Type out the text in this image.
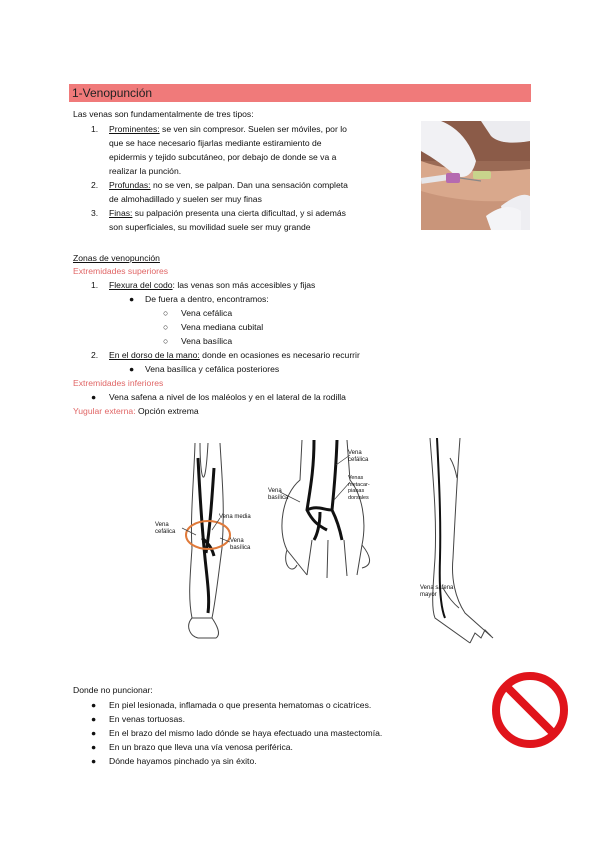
1-Venopunción
Las venas son fundamentalmente de tres tipos:
1. Prominentes: se ven sin compresor. Suelen ser móviles, por lo
que se hace necesario fijarlas mediante estiramiento de
epidermis y tejido subcutáneo, por debajo de donde se va a
realizar la punción.
2. Profundas: no se ven, se palpan. Dan una sensación completa
de almohadillado y suelen ser muy finas
3. Finas: su palpación presenta una cierta dificultad, y si además
son superficiales, su movilidad suele ser muy grande
Zonas de venopunción
Extremidades superiores
1. Flexura del codo: las venas son más accesibles y fijas
● De fuera a dentro, encontramos:
○ Vena cefálica
○ Vena mediana cubital
○ Vena basílica
2. En el dorso de la mano: donde en ocasiones es necesario recurrir
● Vena basílica y cefálica posteriores
Extremidades inferiores
● Vena safena a nivel de los maléolos y en el lateral de la rodilla
Yugular externa: Opción extrema
Vena media
Vena
cefálica
Vena
basílica
Vena
cefálica
Vena
basílica
Venas
metacar-
pianas
dorsales
Vena safena
mayor
Donde no puncionar:
● En piel lesionada, inflamada o que presenta hematomas o cicatrices.
● En venas tortuosas.
● En el brazo del mismo lado dónde se haya efectuado una mastectomía.
● En un brazo que lleva una vía venosa periférica.
● Dónde hayamos pinchado ya sin éxito.
